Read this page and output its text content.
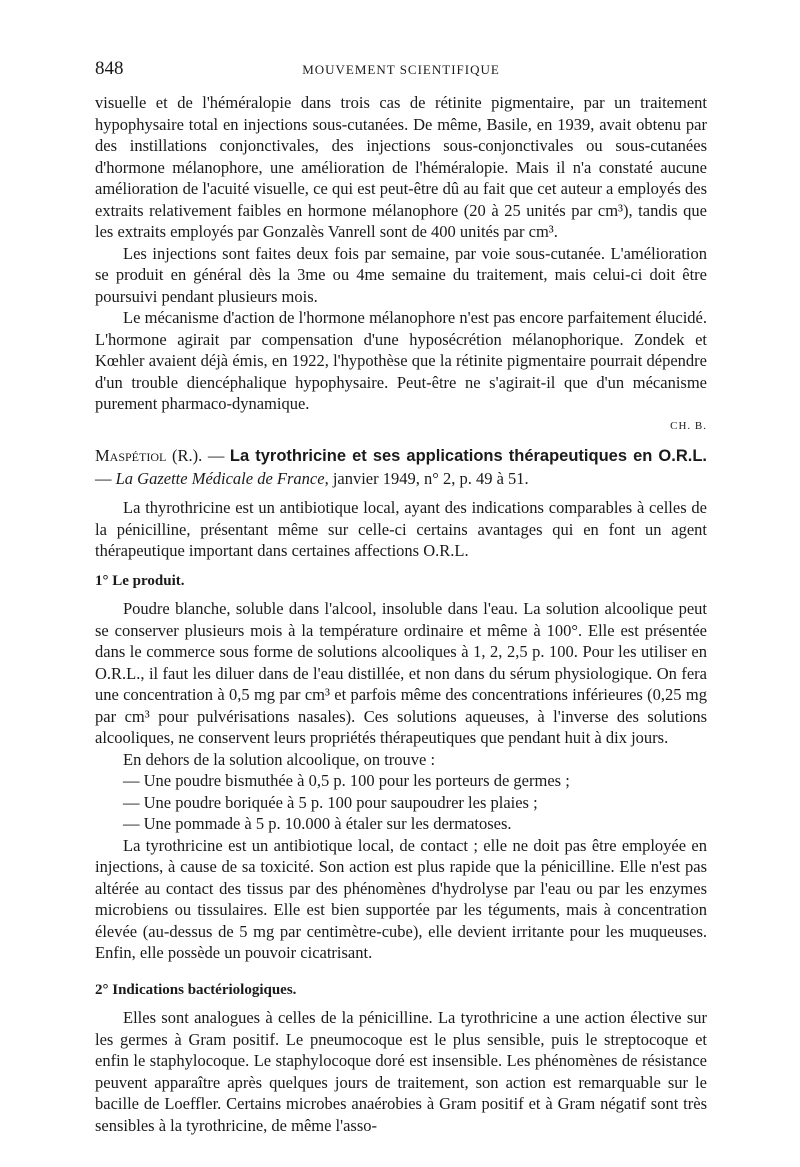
848	MOUVEMENT SCIENTIFIQUE

visuelle et de l'héméralopie dans trois cas de rétinite pigmentaire, par un traitement hypophysaire total en injections sous-cutanées. De même, Basile, en 1939, avait obtenu par des instillations conjonctivales, des injections sous-conjonctivales ou sous-cutanées d'hormone mélanophore, une amélioration de l'héméralopie. Mais il n'a constaté aucune amélioration de l'acuité visuelle, ce qui est peut-être dû au fait que cet auteur a employés des extraits relativement faibles en hormone mélanophore (20 à 25 unités par cm³), tandis que les extraits employés par Gonzalès Vanrell sont de 400 unités par cm³.

Les injections sont faites deux fois par semaine, par voie sous-cutanée. L'amélioration se produit en général dès la 3me ou 4me semaine du traitement, mais celui-ci doit être poursuivi pendant plusieurs mois.

Le mécanisme d'action de l'hormone mélanophore n'est pas encore parfaitement élucidé. L'hormone agirait par compensation d'une hyposécrétion mélanophorique. Zondek et Kœhler avaient déjà émis, en 1922, l'hypothèse que la rétinite pigmentaire pourrait dépendre d'un trouble diencéphalique hypophysaire. Peut-être ne s'agirait-il que d'un mécanisme purement pharmaco-dynamique.

CH. B.

Maspétiol (R.). — La tyrothricine et ses applications thérapeutiques en O.R.L. — La Gazette Médicale de France, janvier 1949, n° 2, p. 49 à 51.

La thyrothricine est un antibiotique local, ayant des indications comparables à celles de la pénicilline, présentant même sur celle-ci certains avantages qui en font un agent thérapeutique important dans certaines affections O.R.L.

1° Le produit.

Poudre blanche, soluble dans l'alcool, insoluble dans l'eau. La solution alcoolique peut se conserver plusieurs mois à la température ordinaire et même à 100°. Elle est présentée dans le commerce sous forme de solutions alcooliques à 1, 2, 2,5 p. 100. Pour les utiliser en O.R.L., il faut les diluer dans de l'eau distillée, et non dans du sérum physiologique. On fera une concentration à 0,5 mg par cm³ et parfois même des concentrations inférieures (0,25 mg par cm³ pour pulvérisations nasales). Ces solutions aqueuses, à l'inverse des solutions alcooliques, ne conservent leurs propriétés thérapeutiques que pendant huit à dix jours.

En dehors de la solution alcoolique, on trouve :

— Une poudre bismuthée à 0,5 p. 100 pour les porteurs de germes ;

— Une poudre boriquée à 5 p. 100 pour saupoudrer les plaies ;

— Une pommade à 5 p. 10.000 à étaler sur les dermatoses.

La tyrothricine est un antibiotique local, de contact ; elle ne doit pas être employée en injections, à cause de sa toxicité. Son action est plus rapide que la pénicilline. Elle n'est pas altérée au contact des tissus par des phénomènes d'hydrolyse par l'eau ou par les enzymes microbiens ou tissulaires. Elle est bien supportée par les téguments, mais à concentration élevée (au-dessus de 5 mg par centimètre-cube), elle devient irritante pour les muqueuses. Enfin, elle possède un pouvoir cicatrisant.

2° Indications bactériologiques.

Elles sont analogues à celles de la pénicilline. La tyrothricine a une action élective sur les germes à Gram positif. Le pneumocoque est le plus sensible, puis le streptocoque et enfin le staphylocoque. Le staphylocoque doré est insensible. Les phénomènes de résistance peuvent apparaître après quelques jours de traitement, son action est remarquable sur le bacille de Loeffler. Certains microbes anaérobies à Gram positif et à Gram négatif sont très sensibles à la tyrothricine, de même l'asso-
